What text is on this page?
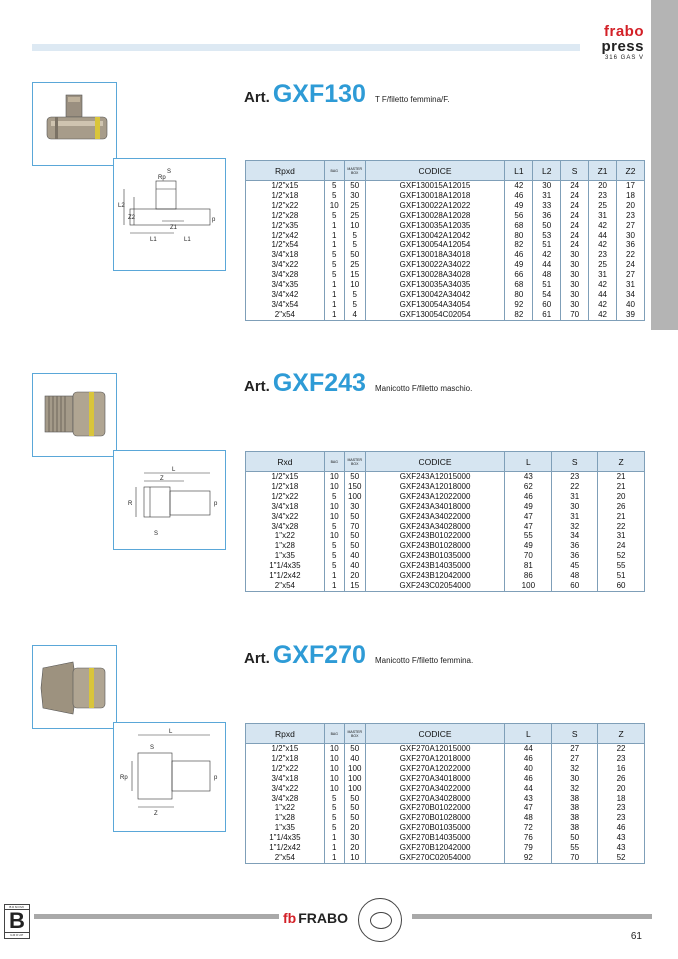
frabo
press
316 GAS V
S
Rp
L2
Z2
Z1
L1	L1
p
Art. GXF130 T F/filetto femmina/F.
Rpxd	BAG	MASTER BOX	CODICE	L1	L2	S	Z1	Z2
1/2"x15	5	50	GXF130015A12015	42	30	24	20	17
1/2"x18	5	30	GXF130018A12018	46	31	24	23	18
1/2"x22	10	25	GXF130022A12022	49	33	24	25	20
1/2"x28	5	25	GXF130028A12028	56	36	24	31	23
1/2"x35	1	10	GXF130035A12035	68	50	24	42	27
1/2"x42	1	5	GXF130042A12042	80	53	24	44	30
1/2"x54	1	5	GXF130054A12054	82	51	24	42	36
3/4"x18	5	50	GXF130018A34018	46	42	30	23	22
3/4"x22	5	25	GXF130022A34022	49	44	30	25	24
3/4"x28	5	15	GXF130028A34028	66	48	30	31	27
3/4"x35	1	10	GXF130035A34035	68	51	30	42	31
3/4"x42	1	5	GXF130042A34042	80	54	30	44	34
3/4"x54	1	5	GXF130054A34054	92	60	30	42	40
2"x54	1	4	GXF130054C02054	82	61	70	42	39
L
Z
S
R	p
Art. GXF243 Manicotto F/filetto maschio.
Rxd	BAG	MASTER BOX	CODICE	L	S	Z
1/2"x15	10	50	GXF243A12015000	43	23	21
1/2"x18	10	150	GXF243A12018000	62	22	21
1/2"x22	5	100	GXF243A12022000	46	31	20
3/4"x18	10	30	GXF243A34018000	49	30	26
3/4"x22	10	50	GXF243A34022000	47	31	21
3/4"x28	5	70	GXF243A34028000	47	32	22
1"x22	10	50	GXF243B01022000	55	34	31
1"x28	5	50	GXF243B01028000	49	36	24
1"x35	5	40	GXF243B01035000	70	36	52
1"1/4x35	5	40	GXF243B14035000	81	45	55
1"1/2x42	1	20	GXF243B12042000	86	48	51
2"x54	1	15	GXF243C02054000	100	60	60
L
S
Rp
Z
p
Art. GXF270 Manicotto F/filetto femmina.
Rpxd	BAG	MASTER BOX	CODICE	L	S	Z
1/2"x15	10	50	GXF270A12015000	44	27	22
1/2"x18	10	40	GXF270A12018000	46	27	23
1/2"x22	10	100	GXF270A12022000	40	32	16
3/4"x18	10	100	GXF270A34018000	46	30	26
3/4"x22	10	100	GXF270A34022000	44	32	20
3/4"x28	5	50	GXF270A34028000	43	38	18
1"x22	5	50	GXF270B01022000	47	38	23
1"x28	5	50	GXF270B01028000	48	38	23
1"x35	5	20	GXF270B01035000	72	38	46
1"1/4x35	1	30	GXF270B14035000	76	50	43
1"1/2x42	1	20	GXF270B12042000	79	55	43
2"x54	1	10	GXF270C02054000	92	70	52
BONOMI
B
GROUP
fb FRABO
61
